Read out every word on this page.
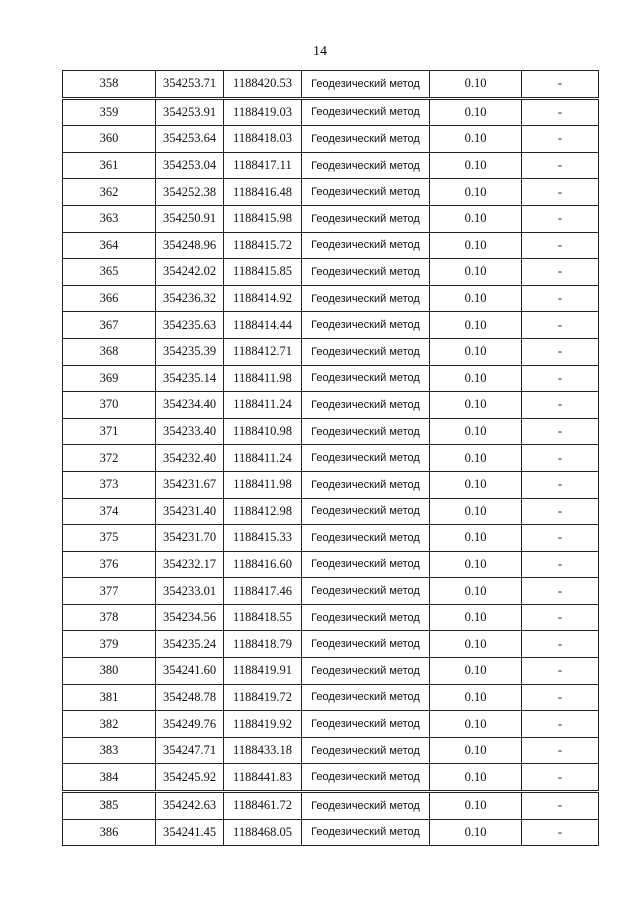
14
358	354253.71	1188420.53	Геодезический метод	0.10	-
359	354253.91	1188419.03	Геодезический метод	0.10	-
360	354253.64	1188418.03	Геодезический метод	0.10	-
361	354253.04	1188417.11	Геодезический метод	0.10	-
362	354252.38	1188416.48	Геодезический метод	0.10	-
363	354250.91	1188415.98	Геодезический метод	0.10	-
364	354248.96	1188415.72	Геодезический метод	0.10	-
365	354242.02	1188415.85	Геодезический метод	0.10	-
366	354236.32	1188414.92	Геодезический метод	0.10	-
367	354235.63	1188414.44	Геодезический метод	0.10	-
368	354235.39	1188412.71	Геодезический метод	0.10	-
369	354235.14	1188411.98	Геодезический метод	0.10	-
370	354234.40	1188411.24	Геодезический метод	0.10	-
371	354233.40	1188410.98	Геодезический метод	0.10	-
372	354232.40	1188411.24	Геодезический метод	0.10	-
373	354231.67	1188411.98	Геодезический метод	0.10	-
374	354231.40	1188412.98	Геодезический метод	0.10	-
375	354231.70	1188415.33	Геодезический метод	0.10	-
376	354232.17	1188416.60	Геодезический метод	0.10	-
377	354233.01	1188417.46	Геодезический метод	0.10	-
378	354234.56	1188418.55	Геодезический метод	0.10	-
379	354235.24	1188418.79	Геодезический метод	0.10	-
380	354241.60	1188419.91	Геодезический метод	0.10	-
381	354248.78	1188419.72	Геодезический метод	0.10	-
382	354249.76	1188419.92	Геодезический метод	0.10	-
383	354247.71	1188433.18	Геодезический метод	0.10	-
384	354245.92	1188441.83	Геодезический метод	0.10	-
385	354242.63	1188461.72	Геодезический метод	0.10	-
386	354241.45	1188468.05	Геодезический метод	0.10	-
